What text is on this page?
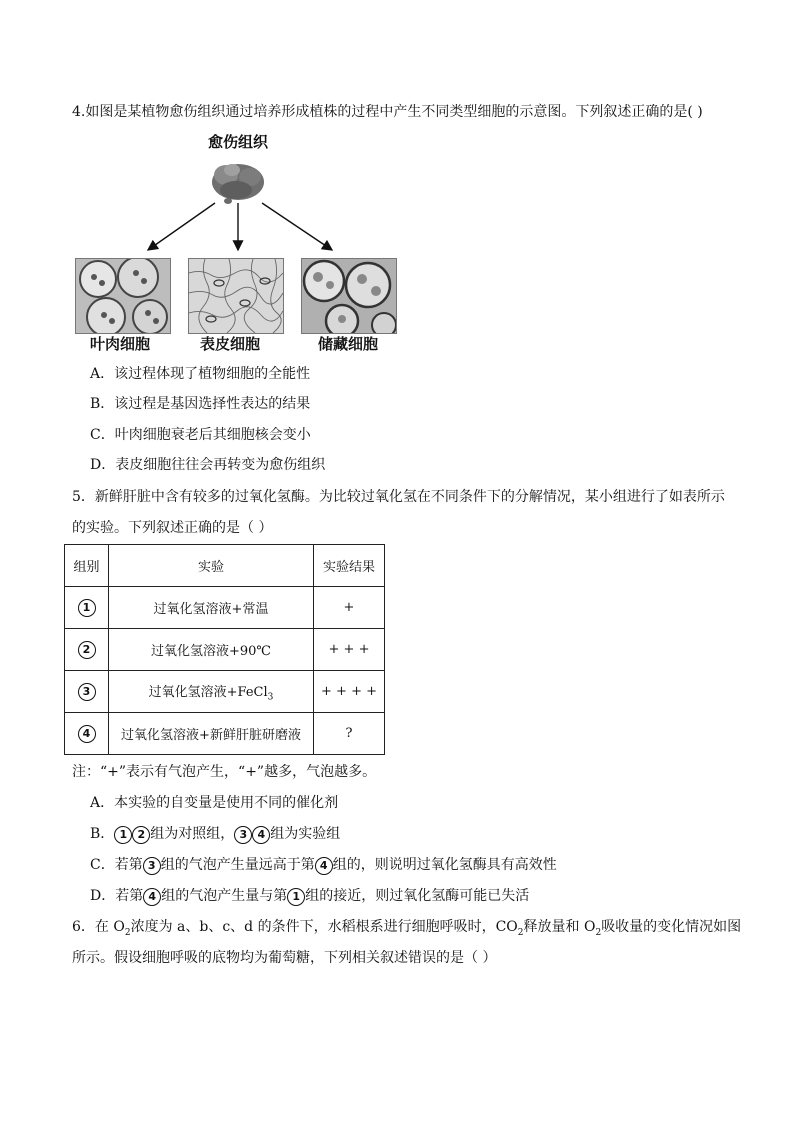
4.如图是某植物愈伤组织通过培养形成植株的过程中产生不同类型细胞的示意图。下列叙述正确的是( )
愈伤组织
叶肉细胞	表皮细胞	储藏细胞
A．该过程体现了植物细胞的全能性
B．该过程是基因选择性表达的结果
C．叶肉细胞衰老后其细胞核会变小
D．表皮细胞往往会再转变为愈伤组织
5．新鲜肝脏中含有较多的过氧化氢酶。为比较过氧化氢在不同条件下的分解情况，某小组进行了如表所示
的实验。下列叙述正确的是（ ）
组别	实验	实验结果
1	过氧化氢溶液+常温	+
2	过氧化氢溶液+90℃	+ + +
3	过氧化氢溶液+FeCl$_3$	+ + + +
4	过氧化氢溶液+新鲜肝脏研磨液	?
注：“+”表示有气泡产生，“+”越多，气泡越多。
A．本实验的自变量是使用不同的催化剂
B． 1 2 组为对照组， 3 4 组为实验组
C．若第 3 组的气泡产生量远高于第 4 组的，则说明过氧化氢酶具有高效性
D．若第 4 组的气泡产生量与第 1 组的接近，则过氧化氢酶可能已失活
6．在 $O_2$浓度为 a、b、c、d 的条件下，水稻根系进行细胞呼吸时，$CO_2$释放量和 $O_2$吸收量的变化情况如图
所示。假设细胞呼吸的底物均为葡萄糖，下列相关叙述错误的是（ ）
